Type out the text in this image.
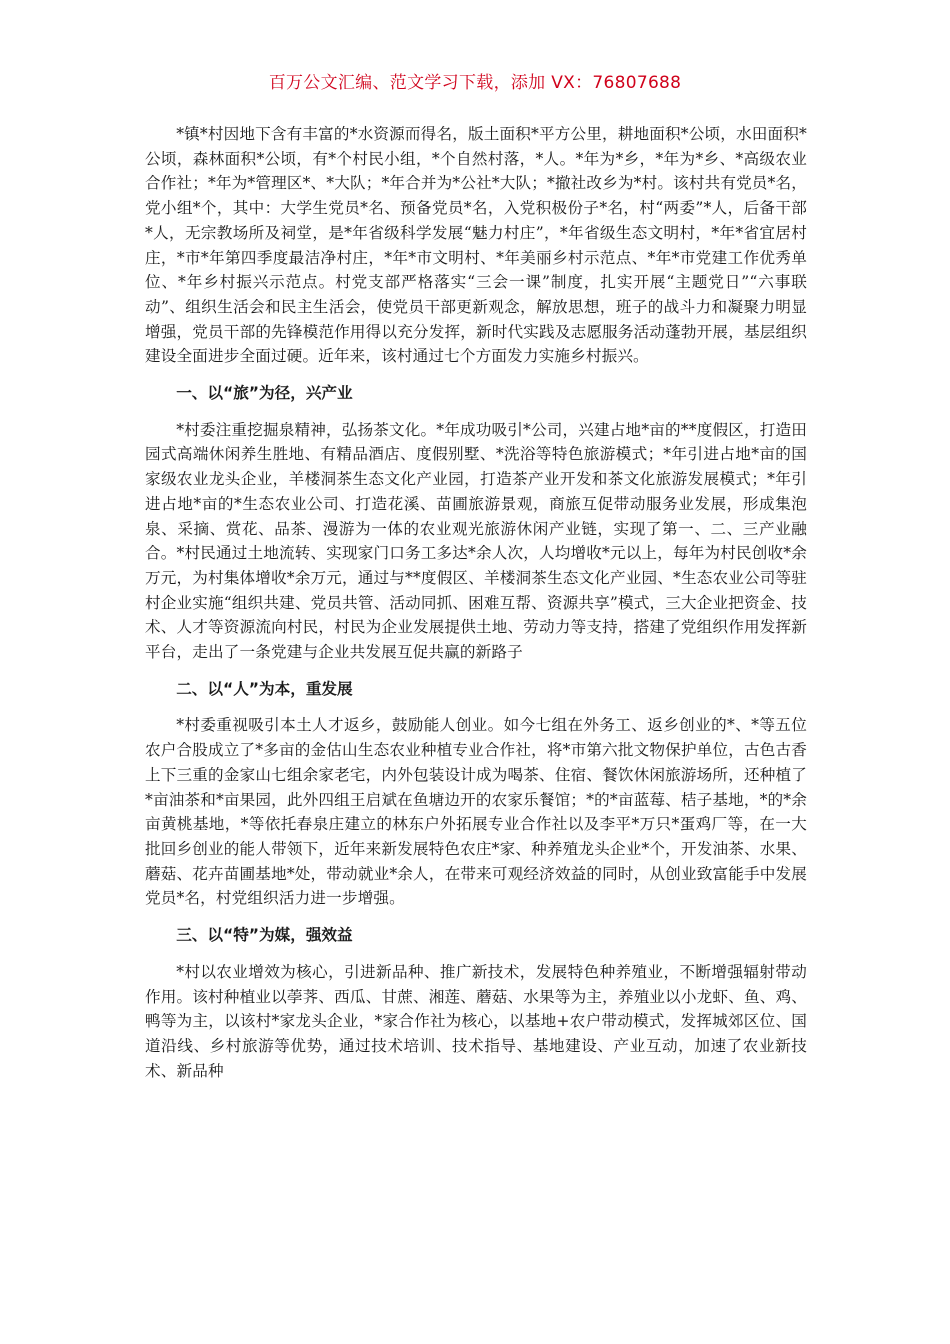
百万公文汇编、范文学习下载，添加 VX：76807688

*镇*村因地下含有丰富的*水资源而得名，版土面积*平方公里，耕地面积*公顷，水田面积*公顷，森林面积*公顷，有*个村民小组，*个自然村落，*人。*年为*乡，*年为*乡、*高级农业合作社；*年为*管理区*、*大队；*年合并为*公社*大队；*撤社改乡为*村。该村共有党员*名，党小组*个，其中：大学生党员*名、预备党员*名，入党积极份子*名，村“两委”*人，后备干部*人，无宗教场所及祠堂，是*年省级科学发展“魅力村庄”，*年省级生态文明村，*年*省宜居村庄，*市*年第四季度最洁净村庄，*年*市文明村、*年美丽乡村示范点、*年*市党建工作优秀单位、*年乡村振兴示范点。村党支部严格落实“三会一课”制度，扎实开展“主题党日”“六事联动”、组织生活会和民主生活会，使党员干部更新观念，解放思想，班子的战斗力和凝聚力明显增强，党员干部的先锋模范作用得以充分发挥，新时代实践及志愿服务活动蓬勃开展，基层组织建设全面进步全面过硬。近年来，该村通过七个方面发力实施乡村振兴。

一、以“旅”为径，兴产业

*村委注重挖掘泉精神，弘扬茶文化。*年成功吸引*公司，兴建占地*亩的**度假区，打造田园式高端休闲养生胜地、有精品酒店、度假别墅、*洗浴等特色旅游模式；*年引进占地*亩的国家级农业龙头企业，羊楼洞茶生态文化产业园，打造茶产业开发和茶文化旅游发展模式；*年引进占地*亩的*生态农业公司、打造花溪、苗圃旅游景观，商旅互促带动服务业发展，形成集泡泉、采摘、赏花、品茶、漫游为一体的农业观光旅游休闲产业链，实现了第一、二、三产业融合。*村民通过土地流转、实现家门口务工多达*余人次，人均增收*元以上，每年为村民创收*余万元，为村集体增收*余万元，通过与**度假区、羊楼洞茶生态文化产业园、*生态农业公司等驻村企业实施“组织共建、党员共管、活动同抓、困难互帮、资源共享”模式，三大企业把资金、技术、人才等资源流向村民，村民为企业发展提供土地、劳动力等支持，搭建了党组织作用发挥新平台，走出了一条党建与企业共发展互促共赢的新路子

二、以“人”为本，重发展

*村委重视吸引本土人才返乡，鼓励能人创业。如今七组在外务工、返乡创业的*、*等五位农户合股成立了*多亩的金估山生态农业种植专业合作社，将*市第六批文物保护单位，古色古香上下三重的金家山七组余家老宅，内外包装设计成为喝茶、住宿、餐饮休闲旅游场所，还种植了*亩油茶和*亩果园，此外四组王启斌在鱼塘边开的农家乐餐馆；*的*亩蓝莓、桔子基地，*的*余亩黄桃基地，*等依托春泉庄建立的林东户外拓展专业合作社以及李平*万只*蛋鸡厂等，在一大批回乡创业的能人带领下，近年来新发展特色农庄*家、种养殖龙头企业*个，开发油茶、水果、蘑菇、花卉苗圃基地*处，带动就业*余人，在带来可观经济效益的同时，从创业致富能手中发展党员*名，村党组织活力进一步增强。

三、以“特”为媒，强效益

*村以农业增效为核心，引进新品种、推广新技术，发展特色种养殖业，不断增强辐射带动作用。该村种植业以荸荠、西瓜、甘蔗、湘莲、蘑菇、水果等为主，养殖业以小龙虾、鱼、鸡、鸭等为主，以该村*家龙头企业，*家合作社为核心，以基地+农户带动模式，发挥城郊区位、国道沿线、乡村旅游等优势，通过技术培训、技术指导、基地建设、产业互动，加速了农业新技术、新品种
